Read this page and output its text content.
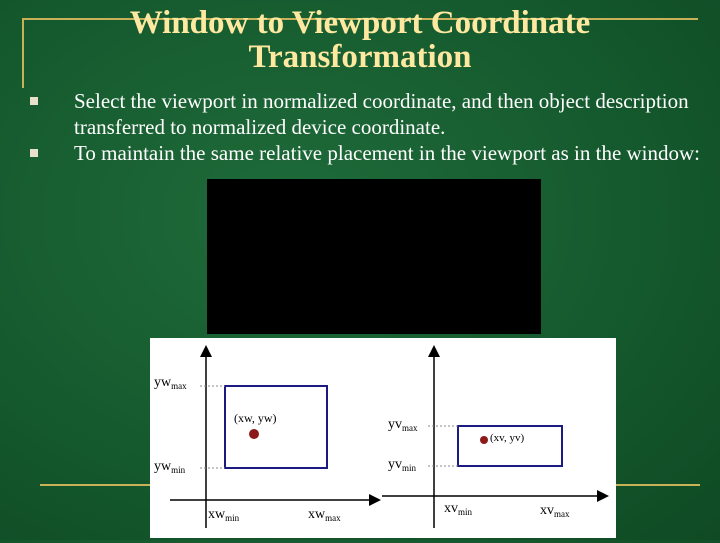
Window to Viewport Coordinate Transformation
Select the viewport in normalized coordinate, and then object description transferred to normalized device coordinate.
To maintain the same relative placement in the viewport as in the window:
(xw, yw)
$yw_{max}$
$yw_{min}$
$xw_{min}$	$xw_{max}$
(xv, yv)
$yv_{max}$
$yv_{min}$
$xv_{min}$	$xv_{max}$
